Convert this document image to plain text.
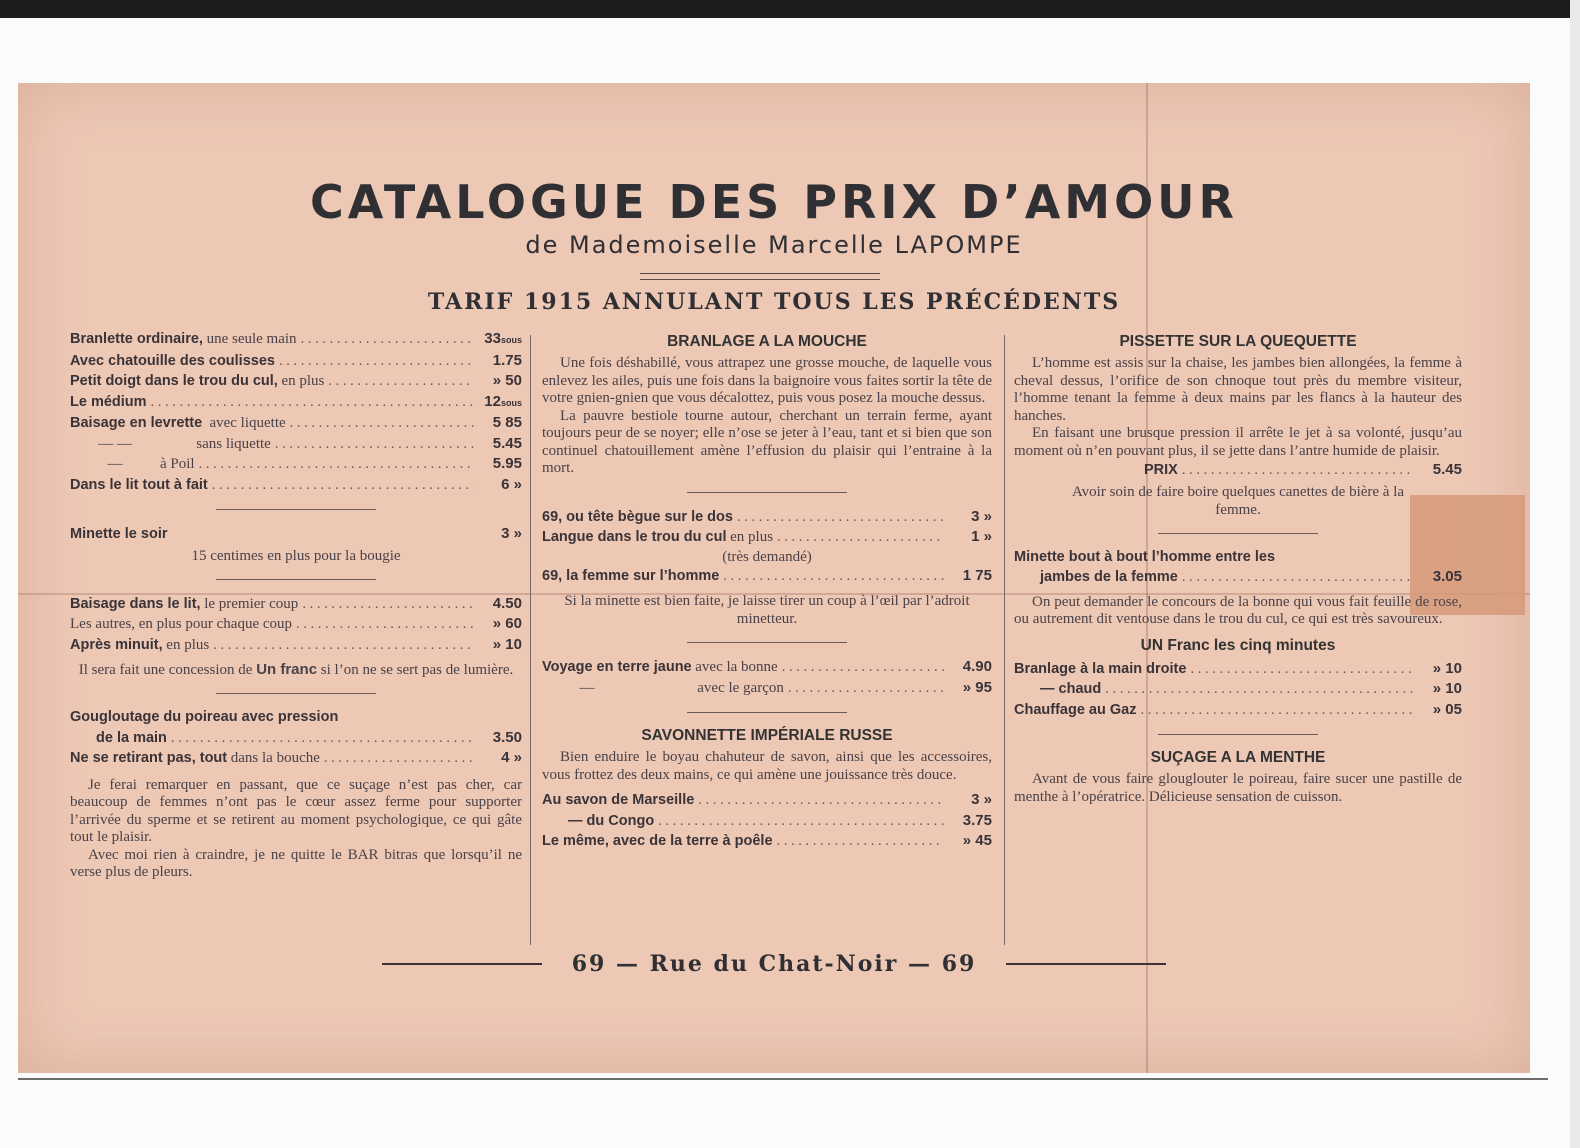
CATALOGUE DES PRIX D’AMOUR
de Mademoiselle Marcelle LAPOMPE
TARIF 1915 ANNULANT TOUS LES PRÉCÉDENTS
Branlette ordinaire,
une seule main . . .	33sous
Avec chatouille des coulisses . . .	1.75
Petit doigt dans le trou du cul,
en plus . . .	» 50
Le médium . . .	12sous
Baisage en levrette
avec liquette . . .	5 85
— —
	sans liquette . . .	5.45
—	à Poil . . .	5.95
Dans le lit tout à fait . . .	6 »
Minette le soir	3 »
15 centimes en plus pour la bougie
Baisage dans le lit,
le premier coup . . .	4.50
Les autres, en plus pour chaque coup . . .	» 60
Après minuit,
en plus . . .	» 10
Il sera fait une concession de Un franc si l’on ne se sert pas de lumière.
Gougloutage du poireau avec pression
de la main . . .	3.50
Ne se retirant pas, tout
dans la bouche . . .	4 »

Je ferai remarquer en passant, que ce suçage n’est pas cher, car beaucoup de femmes n’ont pas le cœur assez ferme pour supporter l’arrivée du sperme et se retirent au moment psychologique, ce qui gâte tout le plaisir.

Avec moi rien à craindre, je ne quitte le BAR bitras que lorsqu’il ne verse plus de pleurs.

BRANLAGE A LA MOUCHE

Une fois déshabillé, vous attrapez une grosse mouche, de laquelle vous enlevez les ailes, puis une fois dans la baignoire vous faites sortir la tête de votre gnien-gnien que vous décalottez, puis vous posez la mouche dessus.

La pauvre bestiole tourne autour, cherchant un terrain ferme, ayant toujours peur de se noyer; elle n’ose se jeter à l’eau, tant et si bien que son continuel chatouillement amène l’effusion du plaisir qui l’entraine à la mort.

69, ou tête bègue sur le dos . . .	3 »
Langue dans le trou du cul
en plus . . .	1 »
(très demandé)
69, la femme sur l’homme . . .	1 75
Si la minette est bien faite, je laisse tirer un coup à l’œil par l’adroit minetteur.
Voyage en terre jaune
avec la bonne . . .	4.90
—
	avec le garçon . . .	» 95
SAVONNETTE IMPÉRIALE RUSSE

Bien enduire le boyau chahuteur de savon, ainsi que les accessoires, vous frottez des deux mains, ce qui amène une jouissance très douce.

Au savon de Marseille . . .	3 »
— du Congo . . .	3.75
Le même, avec de la terre à poêle . . .	» 45
PISSETTE SUR LA QUEQUETTE

L’homme est assis sur la chaise, les jambes bien allongées, la femme à cheval dessus, l’orifice de son chnoque tout près du membre visiteur, l’homme tenant la femme à deux mains par les flancs à la hauteur des hanches.

En faisant une brusque pression il arrête le jet à sa volonté, jusqu’au moment où n’en pouvant plus, il se jette dans l’antre humide de plaisir.

PRIX . . .	5.45
Avoir soin de faire boire quelques canettes de bière à la femme.
Minette bout à bout l’homme entre les
jambes de la femme . . .	3.05

On peut demander le concours de la bonne qui vous fait feuille de rose, ou autrement dit ventouse dans le trou du cul, ce qui est très savoureux.

UN Franc les cinq minutes
Branlage à la main droite . . .	» 10
— chaud . . .	» 10
Chauffage au Gaz . . .	» 05
SUÇAGE A LA MENTHE

Avant de vous faire glouglouter le poireau, faire sucer une pastille de menthe à l’opératrice. Délicieuse sensation de cuisson.

69 — Rue du Chat-Noir — 69
